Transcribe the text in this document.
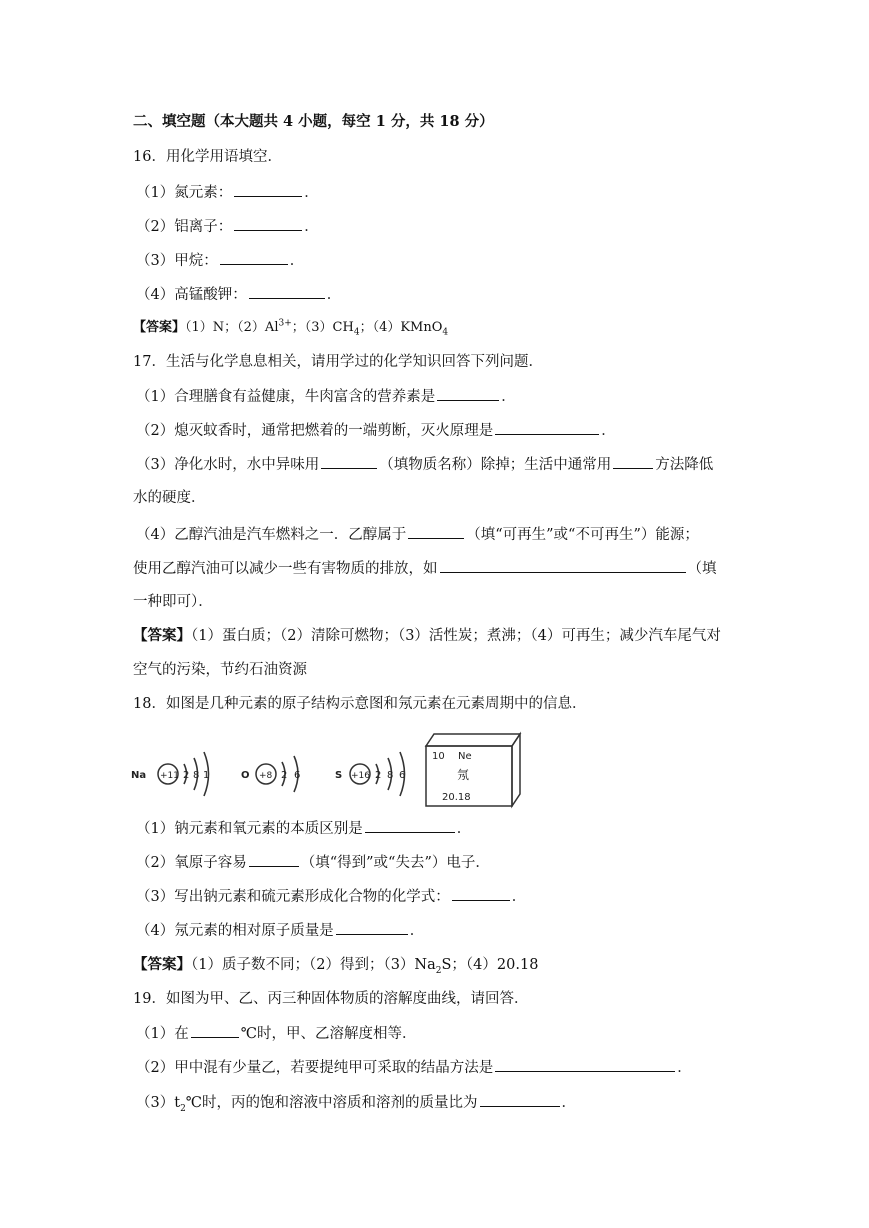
二、填空题（本大题共 4 小题，每空 1 分，共 18 分）
16．用化学用语填空．
（1）氮元素：	．
（2）铝离子：	．
（3）甲烷：	．
（4）高锰酸钾：	．
【答案】（1）N；$(2)Al^{3+}$；$(3)CH_4$；（4）KMnO$_4$
17．生活与化学息息相关，请用学过的化学知识回答下列问题．
（1）合理膳食有益健康，牛肉富含的营养素是	．
（2）熄灭蚊香时，通常把燃着的一端剪断，灭火原理是	．
（3）净化水时，水中异味用	（填物质名称）除掉；生活中通常用	方法降低
水的硬度．
（4）乙醇汽油是汽车燃料之一．乙醇属于	（填“可再生”或“不可再生”）能源；
使用乙醇汽油可以减少一些有害物质的排放，如	（填
一种即可）．
【答案】（1）蛋白质；（2）清除可燃物；（3）活性炭；煮沸；（4）可再生；减少汽车尾气对
空气的污染，节约石油资源
18．如图是几种元素的原子结构示意图和氖元素在元素周期中的信息．
Na +11 2 8 1	O +8 2 6	S +16 2 8 6
10 Ne
氖
20.18
（1）钠元素和氧元素的本质区别是	．
（2）氧原子容易	（填“得到”或“失去”）电子．
（3）写出钠元素和硫元素形成化合物的化学式：	．
（4）氖元素的相对原子质量是	．
【答案】（1）质子数不同；（2）得到；$(3)Na_2S$；（4）20.18
19．如图为甲、乙、丙三种固体物质的溶解度曲线，请回答．
（1）在	℃时，甲、乙溶解度相等．
（2）甲中混有少量乙，若要提纯甲可采取的结晶方法是	．
$(3)t_2℃$时，丙的饱和溶液中溶质和溶剂的质量比为	．
